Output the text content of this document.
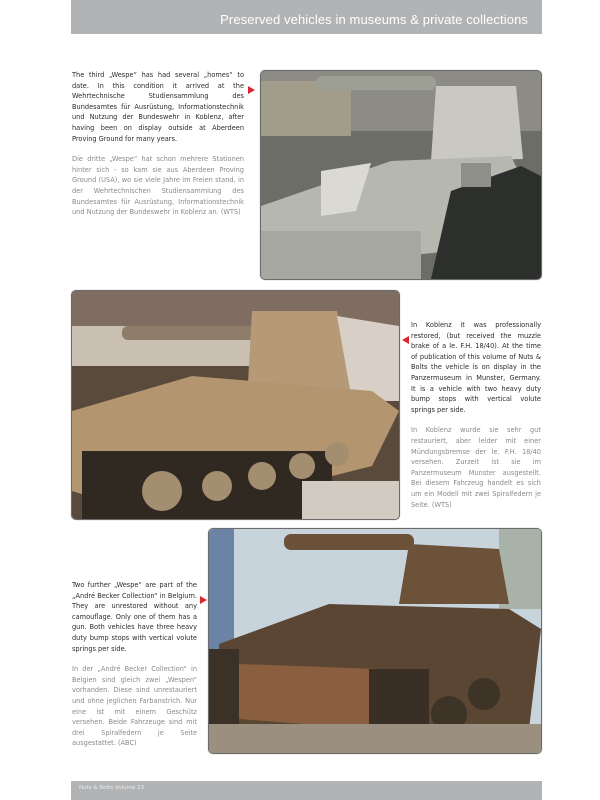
Preserved vehicles in museums & private collections
The third „Wespe“ has had several „homes“ to date. In this condition it arrived at the Wehrtechnische Studiensammlung des Bundesamtes für Ausrüstung, Informationstechnik und Nutzung der Bundeswehr in Koblenz, after having been on display outside at Aberdeen Proving Ground for many years.
Die dritte „Wespe“ hat schon mehrere Stationen hinter sich - so kam sie aus Aberdeen Proving Ground (USA), wo sie viele Jahre im Freien stand, in der Wehrtechnischen Studiensammlung des Bundesamtes für Ausrüstung, Informationstechnik und Nutzung der Bundeswehr in Koblenz an. (WTS)
In Koblenz it was professionally restored, (but received the muzzle brake of a le. F.H. 18/40). At the time of publication of this volume of Nuts & Bolts the vehicle is on display in the Panzermuseum in Munster, Germany. It is a vehicle with two heavy duty bump stops with vertical volute springs per side.
In Koblenz wurde sie sehr gut restauriert, aber leider mit einer Mündungsbremse der le. F.H. 18/40 versehen. Zurzeit ist sie im Panzermuseum Munster ausgestellt. Bei diesem Fahrzeug handelt es sich um ein Modell mit zwei Spiralfedern je Seite. (WTS)
Two further „Wespe“ are part of the „André Becker Collection“ in Belgium. They are unrestored without any camouflage. Only one of them has a gun. Both vehicles have three heavy duty bump stops with vertical volute springs per side.
In der „André Becker Collection“ in Belgien sind gleich zwei „Wespen“ vorhanden. Diese sind unrestauriert und ohne jeglichen Farbanstrich. Nur eine ist mit einem Geschütz versehen. Beide Fahrzeuge sind mit drei Spiralfedern je Seite ausgestattet. (ABC)
Nuts & Bolts Volume 23
